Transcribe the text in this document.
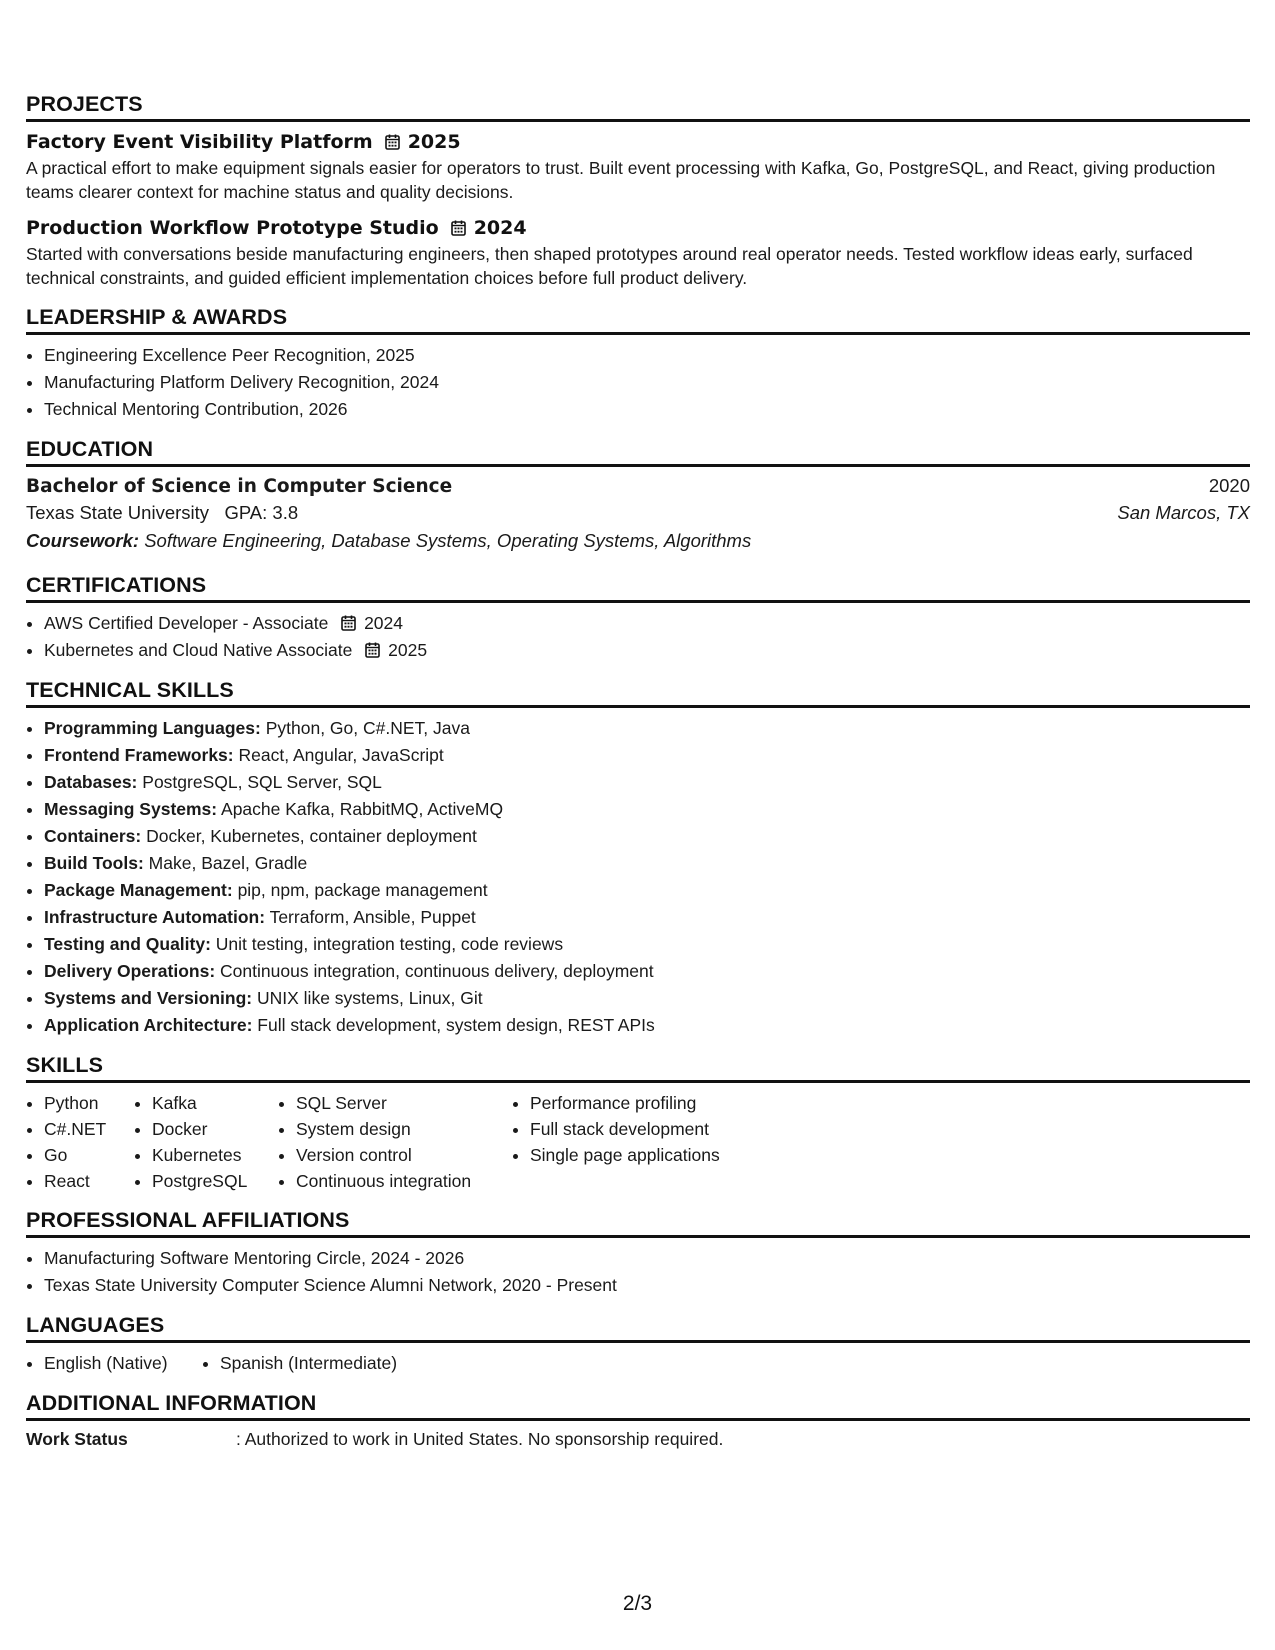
PROJECTS
Factory Event Visibility Platform 2025
A practical effort to make equipment signals easier for operators to trust. Built event processing with Kafka, Go, PostgreSQL, and React, giving production teams clearer context for machine status and quality decisions.
Production Workflow Prototype Studio 2024
Started with conversations beside manufacturing engineers, then shaped prototypes around real operator needs. Tested workflow ideas early, surfaced technical constraints, and guided efficient implementation choices before full product delivery.
LEADERSHIP & AWARDS
• Engineering Excellence Peer Recognition, 2025
• Manufacturing Platform Delivery Recognition, 2024
• Technical Mentoring Contribution, 2026
EDUCATION
Bachelor of Science in Computer Science	2020
Texas State University GPA: 3.8	San Marcos, TX
Coursework: Software Engineering, Database Systems, Operating Systems, Algorithms
CERTIFICATIONS
• AWS Certified Developer - Associate 2024
• Kubernetes and Cloud Native Associate 2025
TECHNICAL SKILLS
• Programming Languages: Python, Go, C#.NET, Java
• Frontend Frameworks: React, Angular, JavaScript
• Databases: PostgreSQL, SQL Server, SQL
• Messaging Systems: Apache Kafka, RabbitMQ, ActiveMQ
• Containers: Docker, Kubernetes, container deployment
• Build Tools: Make, Bazel, Gradle
• Package Management: pip, npm, package management
• Infrastructure Automation: Terraform, Ansible, Puppet
• Testing and Quality: Unit testing, integration testing, code reviews
• Delivery Operations: Continuous integration, continuous delivery, deployment
• Systems and Versioning: UNIX like systems, Linux, Git
• Application Architecture: Full stack development, system design, REST APIs
SKILLS
• Python
• C#.NET
• Go
• React
• Kafka
• Docker
• Kubernetes
• PostgreSQL
• SQL Server
• System design
• Version control
• Continuous integration
• Performance profiling
• Full stack development
• Single page applications
PROFESSIONAL AFFILIATIONS
• Manufacturing Software Mentoring Circle, 2024 - 2026
• Texas State University Computer Science Alumni Network, 2020 - Present
LANGUAGES
• English (Native)
•	Spanish (Intermediate)
ADDITIONAL INFORMATION
Work Status	: Authorized to work in United States. No sponsorship required.
2/3
